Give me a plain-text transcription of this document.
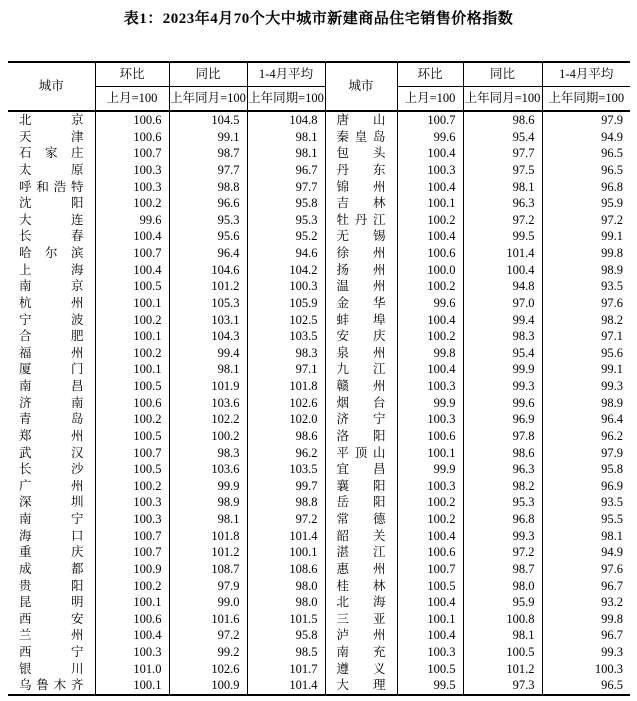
表1：2023年4月70个大中城市新建商品住宅销售价格指数
城市	环比	同比	1-4月平均	城市	环比	同比	1-4月平均
	上月=100	上年同月=100	上年同期=100		上月=100	上年同月=100	上年同期=100
北京	100.6	104.5	104.8	唐山	100.7	98.6	97.9
天津	100.6	99.1	98.1	秦皇岛	99.6	95.4	94.9
石家庄	100.7	98.7	98.1	包头	100.4	97.7	96.5
太原	100.3	97.7	96.7	丹东	100.3	97.5	96.5
呼和浩特	100.3	98.8	97.7	锦州	100.4	98.1	96.8
沈阳	100.2	96.6	95.8	吉林	100.1	96.3	95.9
大连	99.6	95.3	95.3	牡丹江	100.2	97.2	97.2
长春	100.4	95.6	95.2	无锡	100.4	99.5	99.1
哈尔滨	100.7	96.4	94.6	徐州	100.6	101.4	99.8
上海	100.4	104.6	104.2	扬州	100.0	100.4	98.9
南京	100.5	101.2	100.3	温州	100.2	94.8	93.5
杭州	100.1	105.3	105.9	金华	99.6	97.0	97.6
宁波	100.2	103.1	102.5	蚌埠	100.4	99.4	98.2
合肥	100.1	104.3	103.5	安庆	100.2	98.3	97.1
福州	100.2	99.4	98.3	泉州	99.8	95.4	95.6
厦门	100.1	98.1	97.1	九江	100.4	99.9	99.1
南昌	100.5	101.9	101.8	赣州	100.3	99.3	99.3
济南	100.6	103.6	102.6	烟台	99.9	99.6	98.9
青岛	100.2	102.2	102.0	济宁	100.3	96.9	96.4
郑州	100.5	100.2	98.6	洛阳	100.6	97.8	96.2
武汉	100.7	98.3	96.2	平顶山	100.1	98.6	97.9
长沙	100.5	103.6	103.5	宜昌	99.9	96.3	95.8
广州	100.2	99.9	99.7	襄阳	100.3	98.2	96.9
深圳	100.3	98.9	98.8	岳阳	100.2	95.3	93.5
南宁	100.3	98.1	97.2	常德	100.2	96.8	95.5
海口	100.7	101.8	101.4	韶关	100.4	99.3	98.1
重庆	100.7	101.2	100.1	湛江	100.6	97.2	94.9
成都	100.9	108.7	108.6	惠州	100.7	98.7	97.6
贵阳	100.2	97.9	98.0	桂林	100.5	98.0	96.7
昆明	100.1	99.0	98.0	北海	100.4	95.9	93.2
西安	100.6	101.6	101.5	三亚	100.1	100.8	99.8
兰州	100.4	97.2	95.8	泸州	100.4	98.1	96.7
西宁	100.3	99.2	98.5	南充	100.3	100.5	99.3
银川	101.0	102.6	101.7	遵义	100.5	101.2	100.3
乌鲁木齐	100.1	100.9	101.4	大理	99.5	97.3	96.5
